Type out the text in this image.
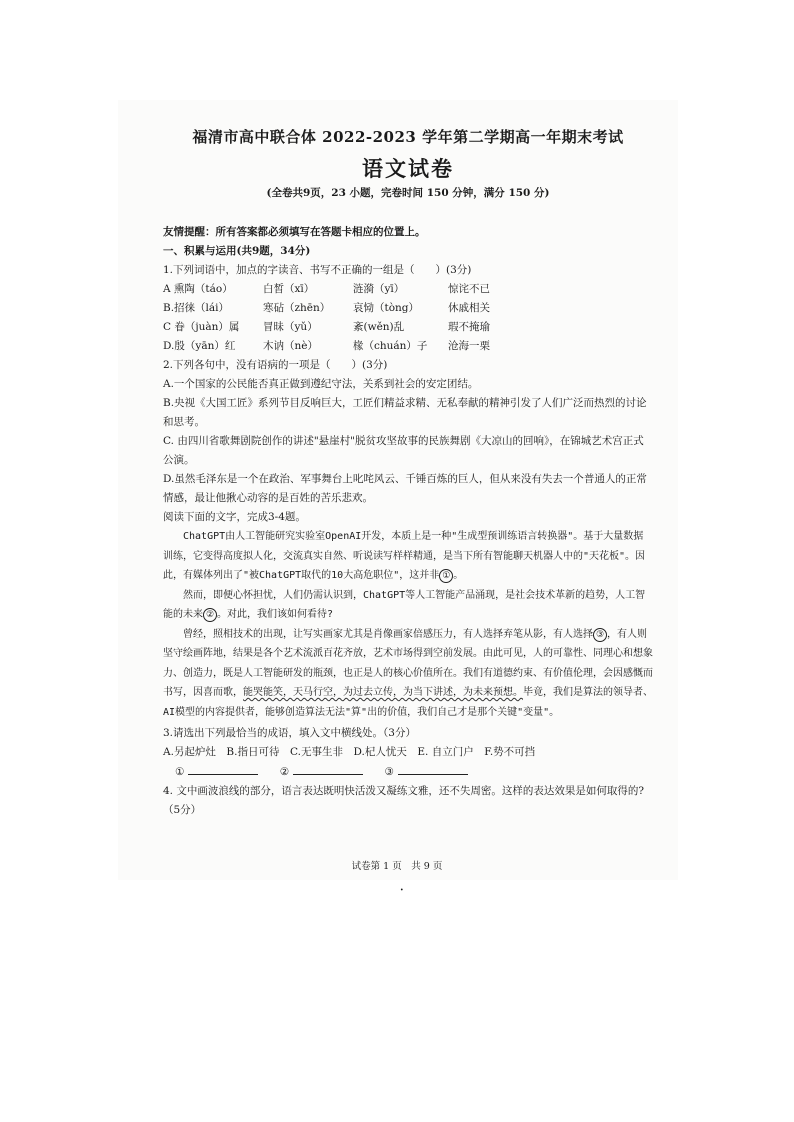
福清市高中联合体 2022-2023 学年第二学期高一年期末考试

语文试卷

(全卷共9页，23 小题，完卷时间 150 分钟，满分 150 分)

友情提醒：所有答案都必须填写在答题卡相应的位置上。

一、积累与运用(共9题，34分)

1.下列词语中，加点的字读音、书写不正确的一组是（　　）(3分)

A 熏陶（táo）	白皙（xī）	涟漪（yī）	惊诧不已
B.招徕（lái）	寒砧（zhēn）	哀恸（tòng）	休戚相关
C 眷（juàn）属	冒昧（yǔ）	紊(wěn)乱	瑕不掩瑜
D.殷（yān）红	木讷（nè）	椽（chuán）子	沧海一栗

2.下列各句中，没有语病的一项是（　　）(3分)

A.一个国家的公民能否真正做到遵纪守法，关系到社会的安定团结。

B.央视《大国工匠》系列节目反响巨大，工匠们精益求精、无私奉献的精神引发了人们广泛而热烈的讨论和思考。

C. 由四川省歌舞剧院创作的讲述"悬崖村"脱贫攻坚故事的民族舞剧《大凉山的回响》，在锦城艺术宫正式公演。

D.虽然毛泽东是一个在政治、军事舞台上叱咤风云、千锤百炼的巨人，但从来没有失去一个普通人的正常情感，最让他揪心动容的是百姓的苦乐悲欢。

阅读下面的文字，完成3-4题。

ChatGPT由人工智能研究实验室OpenAI开发，本质上是一种"生成型预训练语言转换器"。基于大量数据训练，它变得高度拟人化，交流真实自然、听说读写样样精通，是当下所有智能聊天机器人中的"天花板"。因此，有媒体列出了"被ChatGPT取代的10大高危职位"，这并非 ① 。

然而，即便心怀担忧，人们仍需认识到，ChatGPT等人工智能产品涌现，是社会技术革新的趋势，人工智能的未来 ② 。对此，我们该如何看待?

曾经，照相技术的出现，让写实画家尤其是肖像画家倍感压力，有人选择弃笔从影，有人选择 ③ ，有人则坚守绘画阵地，结果是各个艺术流派百花齐放，艺术市场得到空前发展。由此可见，人的可靠性、同理心和想象力、创造力，既是人工智能研发的瓶颈，也正是人的核心价值所在。我们有道德约束、有价值伦理，会因感慨而书写，因喜而歌，能哭能笑，天马行空，为过去立传，为当下讲述，为未来预想。毕竟，我们是算法的领导者、AI模型的内容提供者，能够创造算法无法"算"出的价值，我们自己才是那个关键"变量"。

3.请选出下列最恰当的成语，填入文中横线处。（3分）

A.另起炉灶　B.指日可待　C.无事生非　D.杞人忧天　E. 自立门户　F.势不可挡

①	②	③

4. 文中画波浪线的部分，语言表达既明快活泼又凝练文雅，还不失周密。这样的表达效果是如何取得的?（5分）

试卷第 1 页　共 9 页
•
